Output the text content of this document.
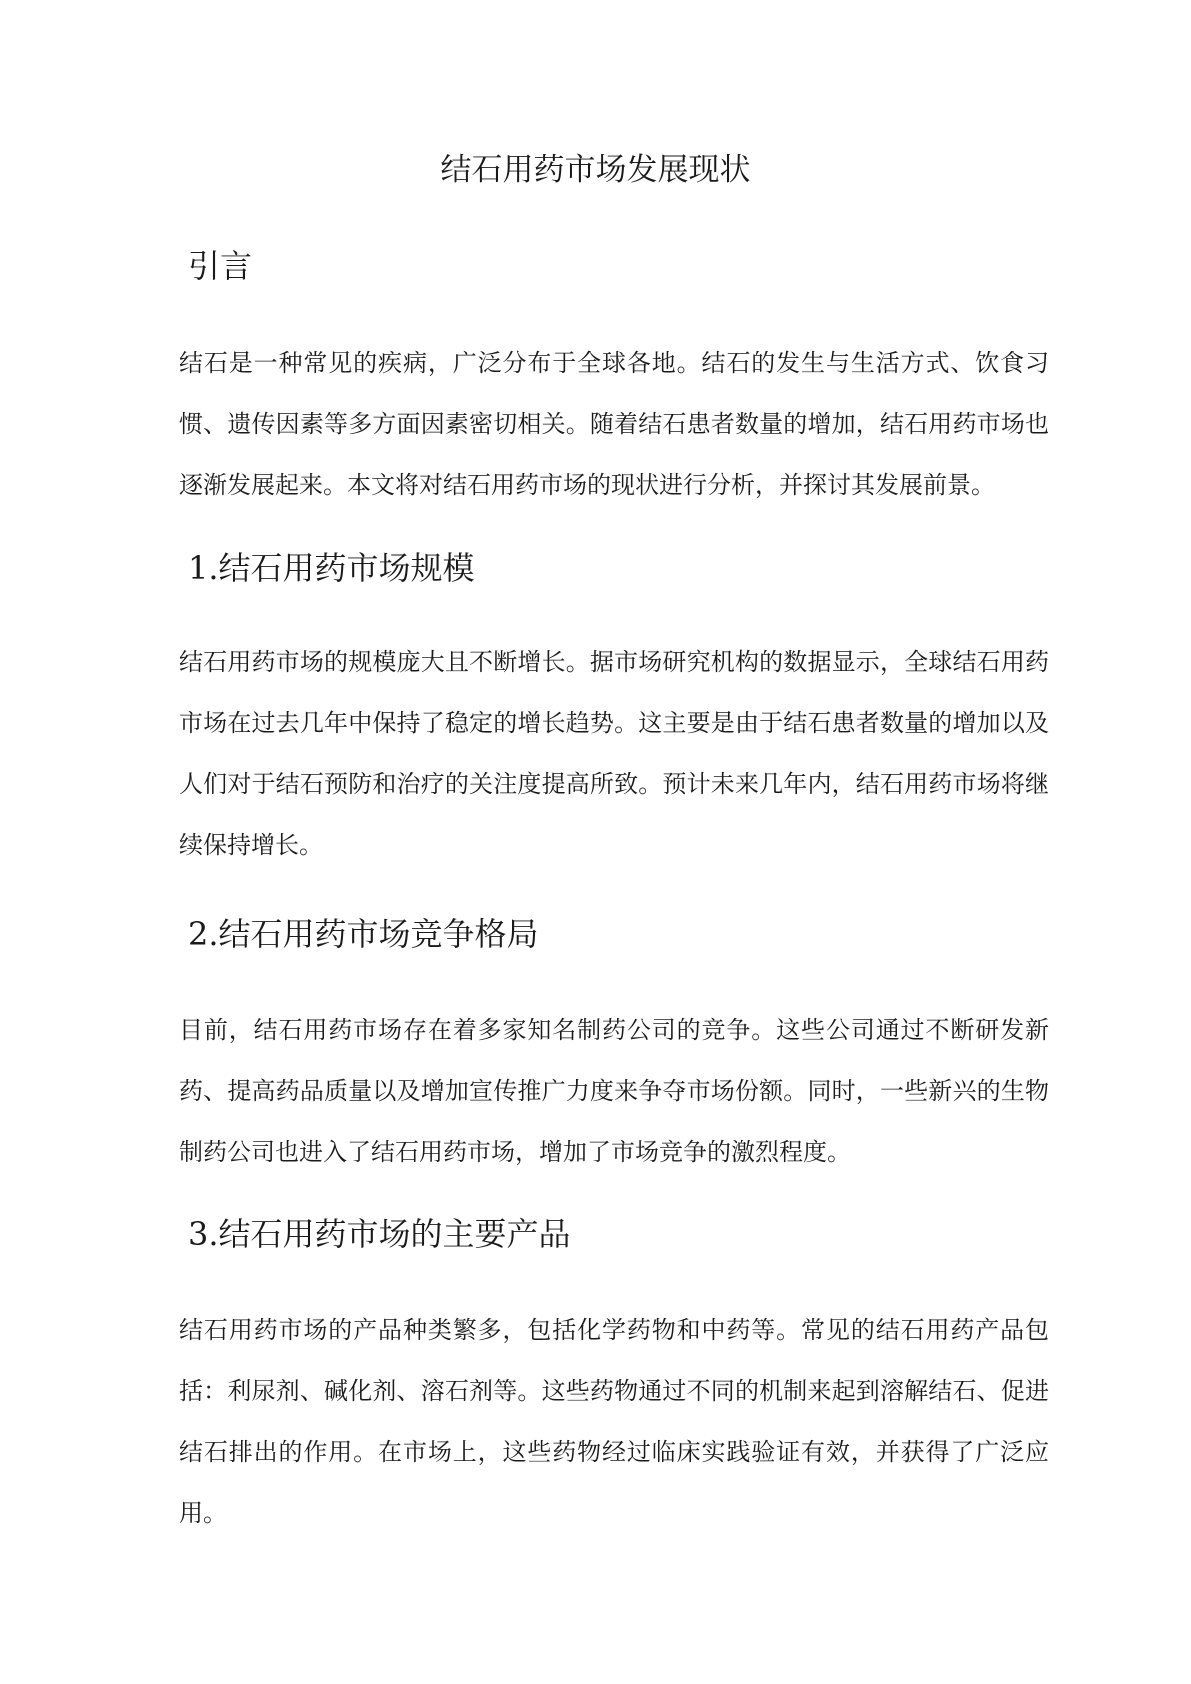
结石用药市场发展现状
引言

结石是一种常见的疾病，广泛分布于全球各地。结石的发生与生活方式、饮食习惯、遗传因素等多方面因素密切相关。随着结石患者数量的增加，结石用药市场也逐渐发展起来。本文将对结石用药市场的现状进行分析，并探讨其发展前景。

1.结石用药市场规模

结石用药市场的规模庞大且不断增长。据市场研究机构的数据显示，全球结石用药市场在过去几年中保持了稳定的增长趋势。这主要是由于结石患者数量的增加以及人们对于结石预防和治疗的关注度提高所致。预计未来几年内，结石用药市场将继续保持增长。

2.结石用药市场竞争格局

目前，结石用药市场存在着多家知名制药公司的竞争。这些公司通过不断研发新药、提高药品质量以及增加宣传推广力度来争夺市场份额。同时，一些新兴的生物制药公司也进入了结石用药市场，增加了市场竞争的激烈程度。

3.结石用药市场的主要产品

结石用药市场的产品种类繁多，包括化学药物和中药等。常见的结石用药产品包括：利尿剂、碱化剂、溶石剂等。这些药物通过不同的机制来起到溶解结石、促进结石排出的作用。在市场上，这些药物经过临床实践验证有效，并获得了广泛应用。
